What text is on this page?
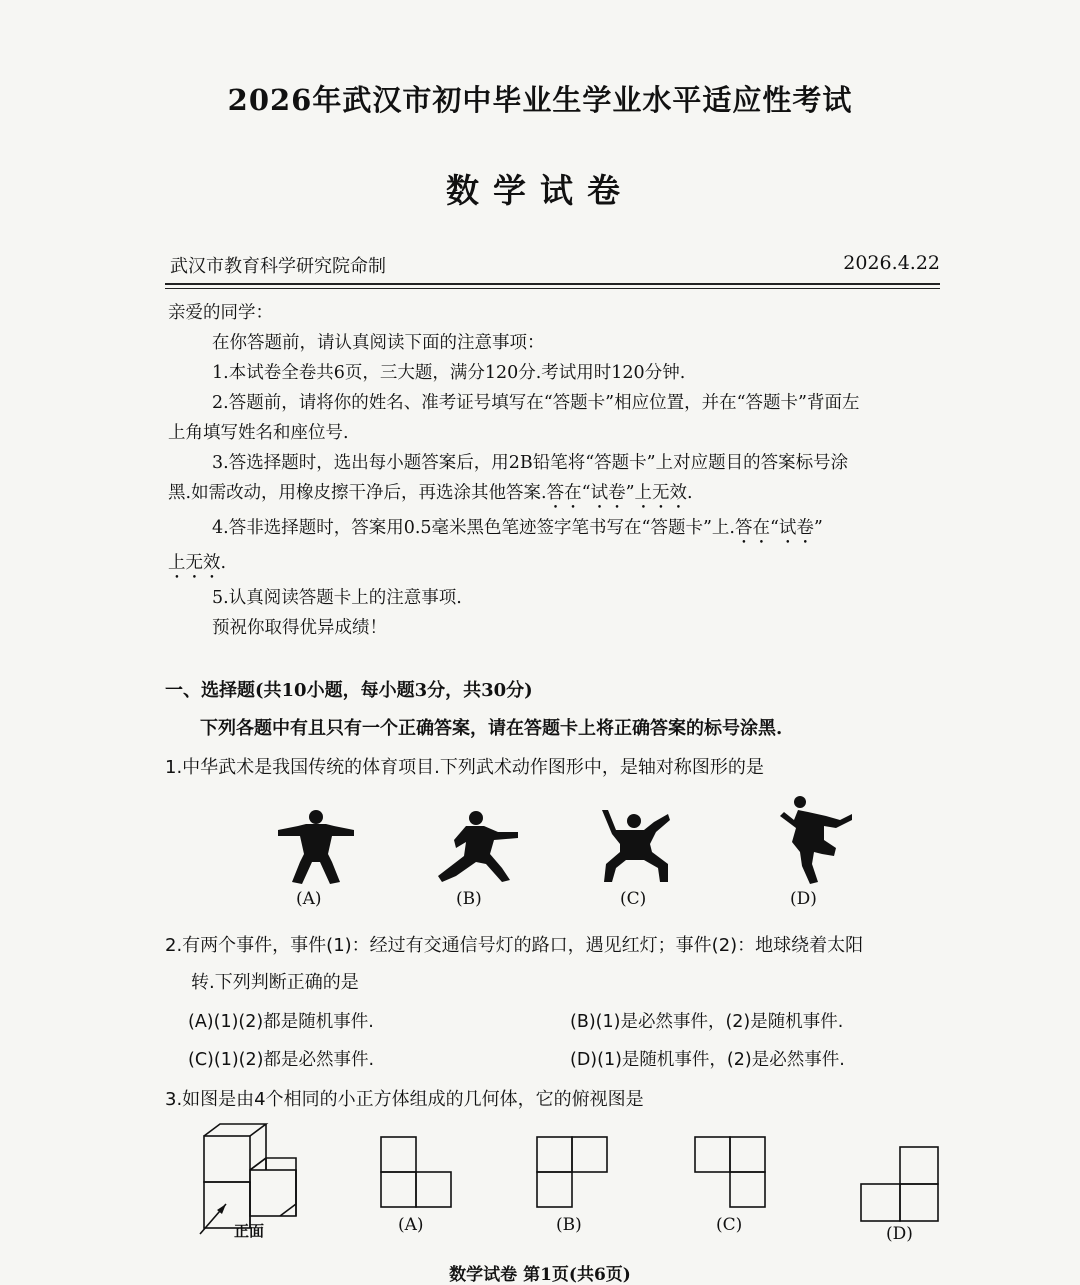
2026年武汉市初中毕业生学业水平适应性考试
数学试卷
武汉市教育科学研究院命制	2026.4.22
亲爱的同学：
在你答题前，请认真阅读下面的注意事项：
1.本试卷全卷共6页，三大题，满分120分.考试用时120分钟.
2.答题前，请将你的姓名、准考证号填写在“答题卡”相应位置，并在“答题卡”背面左
上角填写姓名和座位号.
3.答选择题时，选出每小题答案后，用2B铅笔将“答题卡”上对应题目的答案标号涂
黑.如需改动，用橡皮擦干净后，再选涂其他答案.答在“试卷”上无效.
4.答非选择题时，答案用0.5毫米黑色笔迹签字笔书写在“答题卡”上.答在“试卷”
上无效.
5.认真阅读答题卡上的注意事项.
预祝你取得优异成绩！
一、选择题(共10小题，每小题3分，共30分)
下列各题中有且只有一个正确答案，请在答题卡上将正确答案的标号涂黑.
1.中华武术是我国传统的体育项目.下列武术动作图形中，是轴对称图形的是
(A)	(B)	(C)	(D)
2.有两个事件，事件(1)：经过有交通信号灯的路口，遇见红灯；事件(2)：地球绕着太阳
转.下列判断正确的是
(A)(1)(2)都是随机事件.	(B)(1)是必然事件，(2)是随机事件.
(C)(1)(2)都是必然事件.	(D)(1)是随机事件，(2)是必然事件.
3.如图是由4个相同的小正方体组成的几何体，它的俯视图是
正面	(A)	(B)	(C)	(D)
数学试卷 第1页(共6页)
